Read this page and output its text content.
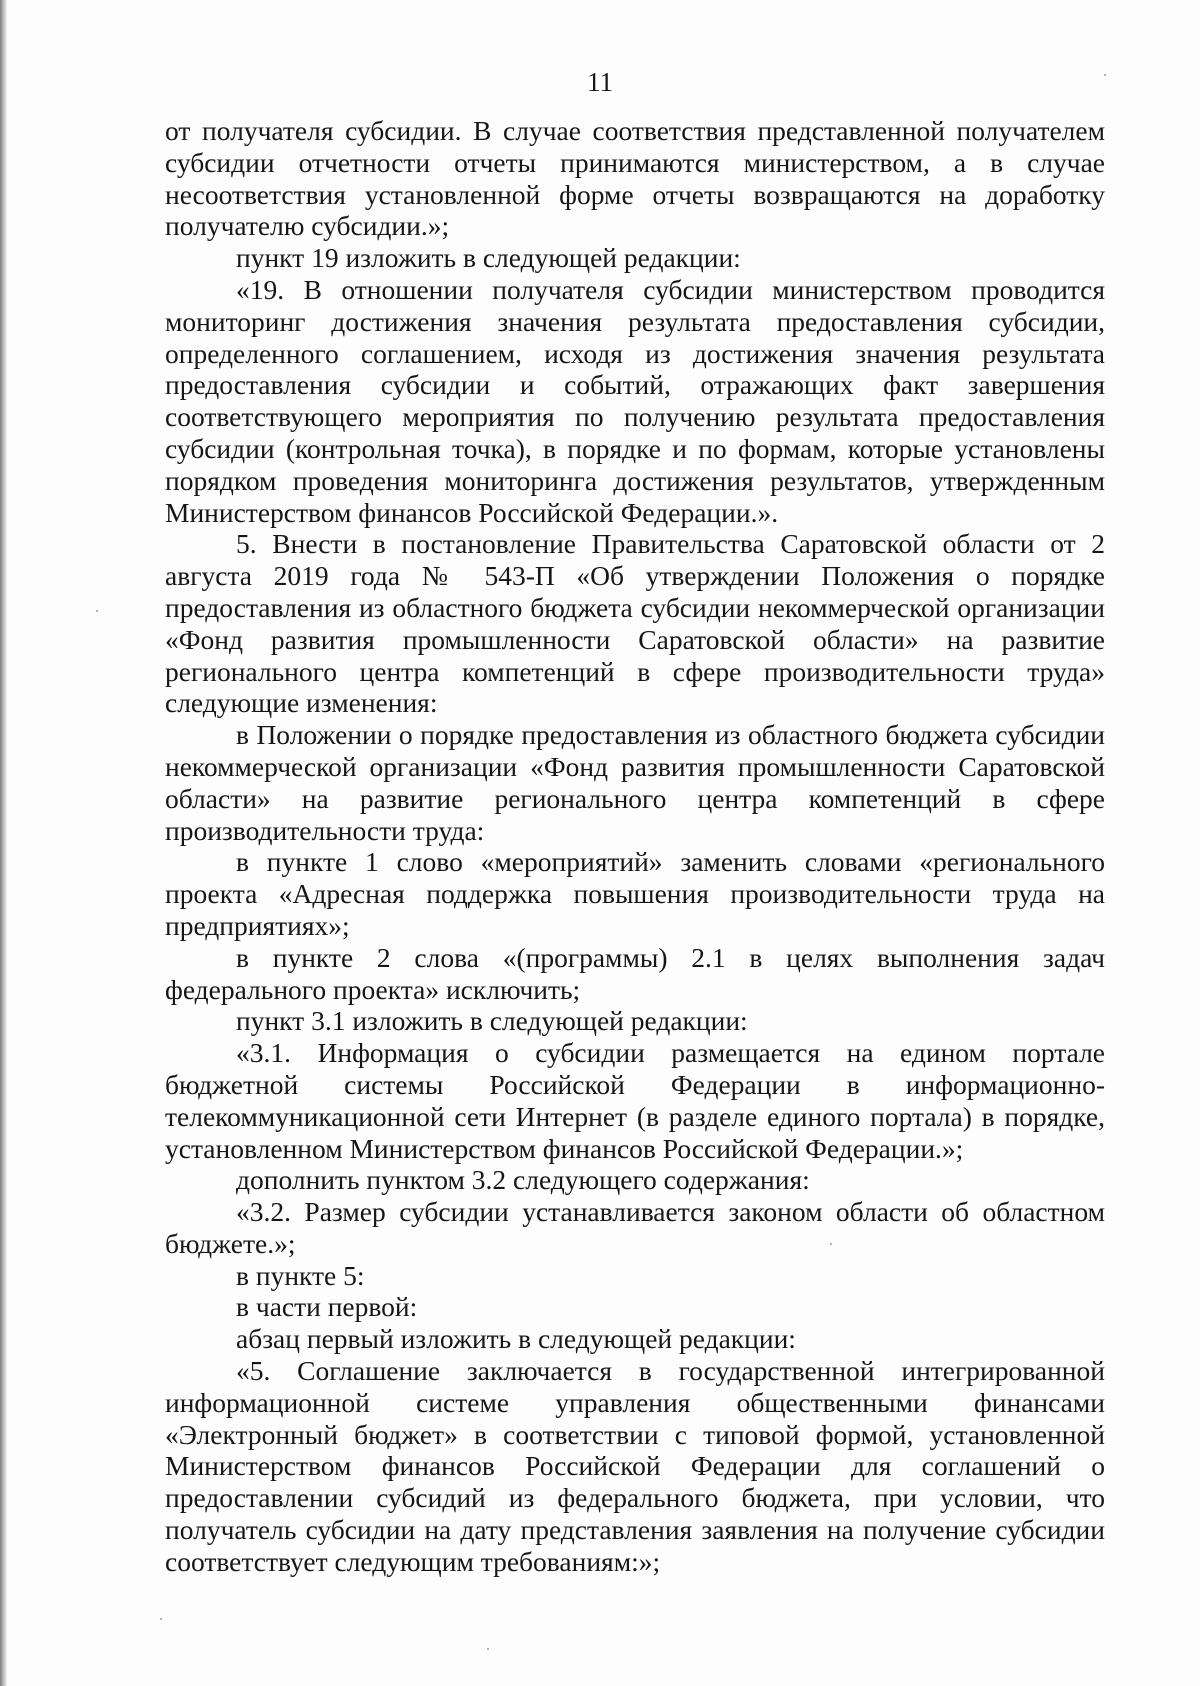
11

от получателя субсидии. В случае соответствия представленной получателем субсидии отчетности отчеты принимаются министерством, а в случае несоответствия установленной форме отчеты возвращаются на доработку получателю субсидии.»;

пункт 19 изложить в следующей редакции:

«19. В отношении получателя субсидии министерством проводится мониторинг достижения значения результата предоставления субсидии, определенного соглашением, исходя из достижения значения результата предоставления субсидии и событий, отражающих факт завершения соответствующего мероприятия по получению результата предоставления субсидии (контрольная точка), в порядке и по формам, которые установлены порядком проведения мониторинга достижения результатов, утвержденным Министерством финансов Российской Федерации.».

5. Внести в постановление Правительства Саратовской области от 2 августа 2019 года № 543-П «Об утверждении Положения о порядке предоставления из областного бюджета субсидии некоммерческой организации «Фонд развития промышленности Саратовской области» на развитие регионального центра компетенций в сфере производительности труда» следующие изменения:

в Положении о порядке предоставления из областного бюджета субсидии некоммерческой организации «Фонд развития промышленности Саратовской области» на развитие регионального центра компетенций в сфере производительности труда:

в пункте 1 слово «мероприятий» заменить словами «регионального проекта «Адресная поддержка повышения производительности труда на предприятиях»;

в пункте 2 слова «(программы) 2.1 в целях выполнения задач федерального проекта» исключить;

пункт 3.1 изложить в следующей редакции:

«3.1. Информация о субсидии размещается на едином портале бюджетной системы Российской Федерации в информационно-телекоммуникационной сети Интернет (в разделе единого портала) в порядке, установленном Министерством финансов Российской Федерации.»;

дополнить пунктом 3.2 следующего содержания:

«3.2. Размер субсидии устанавливается законом области об областном бюджете.»;

в пункте 5:

в части первой:

абзац первый изложить в следующей редакции:

«5. Соглашение заключается в государственной интегрированной информационной системе управления общественными финансами «Электронный бюджет» в соответствии с типовой формой, установленной Министерством финансов Российской Федерации для соглашений о предоставлении субсидий из федерального бюджета, при условии, что получатель субсидии на дату представления заявления на получение субсидии соответствует следующим требованиям:»;
